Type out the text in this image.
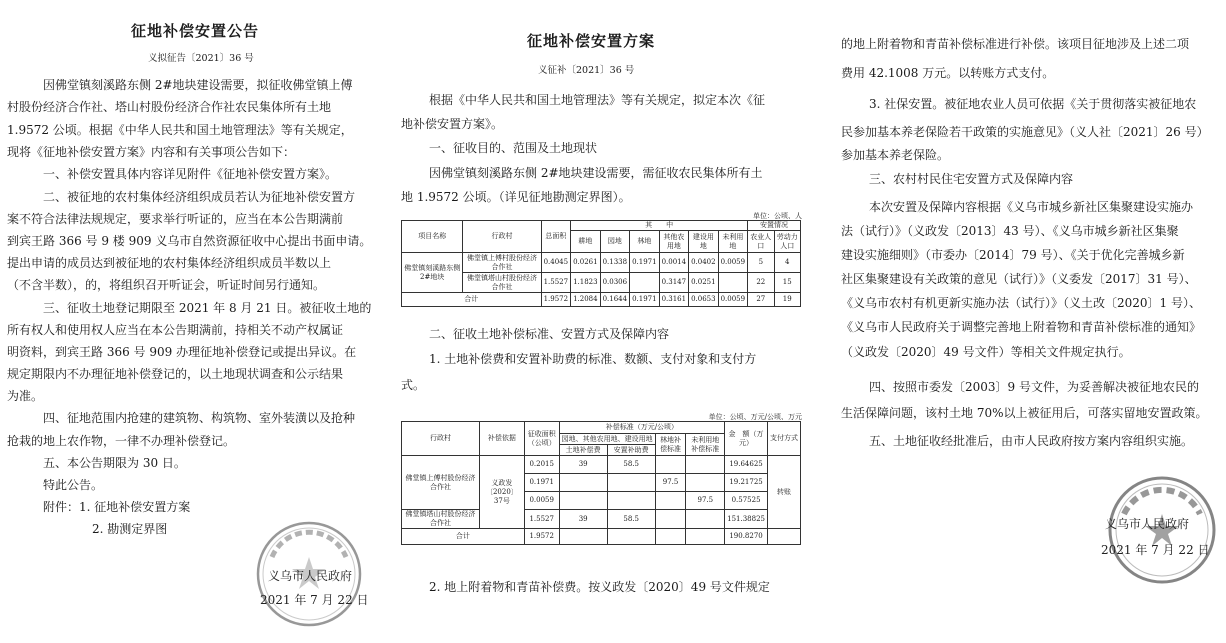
征地补偿安置公告
义拟征告〔2021〕36 号
因佛堂镇刻溪路东侧 2#地块建设需要，拟征收佛堂镇上傅
村股份经济合作社、塔山村股份经济合作社农民集体所有土地
1.9572 公顷。根据《中华人民共和国土地管理法》等有关规定，
现将《征地补偿安置方案》内容和有关事项公告如下：
一、补偿安置具体内容详见附件《征地补偿安置方案》。
二、被征地的农村集体经济组织成员若认为征地补偿安置方
案不符合法律法规规定，要求举行听证的，应当在本公告期满前
到宾王路 366 号 9 楼 909 义乌市自然资源征收中心提出书面申请。
提出申请的成员达到被征地的农村集体经济组织成员半数以上
（不含半数），的，将组织召开听证会，听证时间另行通知。
三、征收土地登记期限至 2021 年 8 月 21 日。被征收土地的
所有权人和使用权人应当在本公告期满前，持相关不动产权属证
明资料，到宾王路 366 号 909 办理征地补偿登记或提出异议。在
规定期限内不办理征地补偿登记的，以土地现状调查和公示结果
为准。
四、征地范围内抢建的建筑物、构筑物、室外装潢以及抢种
抢栽的地上农作物，一律不办理补偿登记。
五、本公告期限为 30 日。
特此公告。
附件：1. 征地补偿安置方案
2. 勘测定界图
义乌市人民政府
2021 年 7 月 22 日
征地补偿安置方案
义征补〔2021〕36 号
根据《中华人民共和国土地管理法》等有关规定，拟定本次《征
地补偿安置方案》。
一、征收目的、范围及土地现状
因佛堂镇刻溪路东侧 2#地块建设需要，需征收农民集体所有土
地 1.9572 公顷。（详见征地勘测定界图）。
单位：公顷、人
项目名称	行政村	总面积	其　　中						安置情况	
			耕地	园地	林地	其他农用地	建设用地	未利用地	农业人口	劳动力人口
佛堂镇刻溪路东侧2#地块	佛堂镇上傅村股份经济合作社	0.4045	0.0261	0.1338	0.1971	0.0014	0.0402	0.0059	5	4
	佛堂镇塔山村股份经济合作社	1.5527	1.1823	0.0306		0.3147	0.0251		22	15
合计		1.9572	1.2084	0.1644	0.1971	0.3161	0.0653	0.0059	27	19
二、征收土地补偿标准、安置方式及保障内容
1. 土地补偿费和安置补助费的标准、数额、支付对象和支付方
式。
单位：公顷、万元/公顷、万元
行政村	补偿依据	征收面积（公顷）	补偿标准（万元/公顷）				金　额（万元）	支付方式
			园地、其他农用地、建设用地		林地补偿标准	未利用地补偿标准		
			土地补偿费	安置补助费				
佛堂镇上傅村股份经济合作社	义政发〔2020〕37号	0.2015	39	58.5			19.64625	转账
		0.1971			97.5		19.21725	
		0.0059				97.5	0.57525	
佛堂镇塔山村股份经济合作社		1.5527	39	58.5			151.38825	
合计		1.9572					190.8270	
2. 地上附着物和青苗补偿费。按义政发〔2020〕49 号文件规定
的地上附着物和青苗补偿标准进行补偿。该项目征地涉及上述二项
费用 42.1008 万元。以转账方式支付。
3. 社保安置。被征地农业人员可依据《关于贯彻落实被征地农
民参加基本养老保险若干政策的实施意见》（义人社〔2021〕26 号）
参加基本养老保险。
三、农村村民住宅安置方式及保障内容
本次安置及保障内容根据《义乌市城乡新社区集聚建设实施办
法（试行）》（义政发〔2013〕43 号）、《义乌市城乡新社区集聚
建设实施细则》（市委办〔2014〕79 号）、《关于优化完善城乡新
社区集聚建设有关政策的意见（试行）》（义委发〔2017〕31 号）、
《义乌市农村有机更新实施办法（试行）》（义土改〔2020〕1 号）、
《义乌市人民政府关于调整完善地上附着物和青苗补偿标准的通知》
（义政发〔2020〕49 号文件）等相关文件规定执行。
四、按照市委发〔2003〕9 号文件，为妥善解决被征地农民的
生活保障问题，该村土地 70%以上被征用后，可落实留地安置政策。
五、土地征收经批准后，由市人民政府按方案内容组织实施。
义乌市人民政府
2021 年 7 月 22 日
